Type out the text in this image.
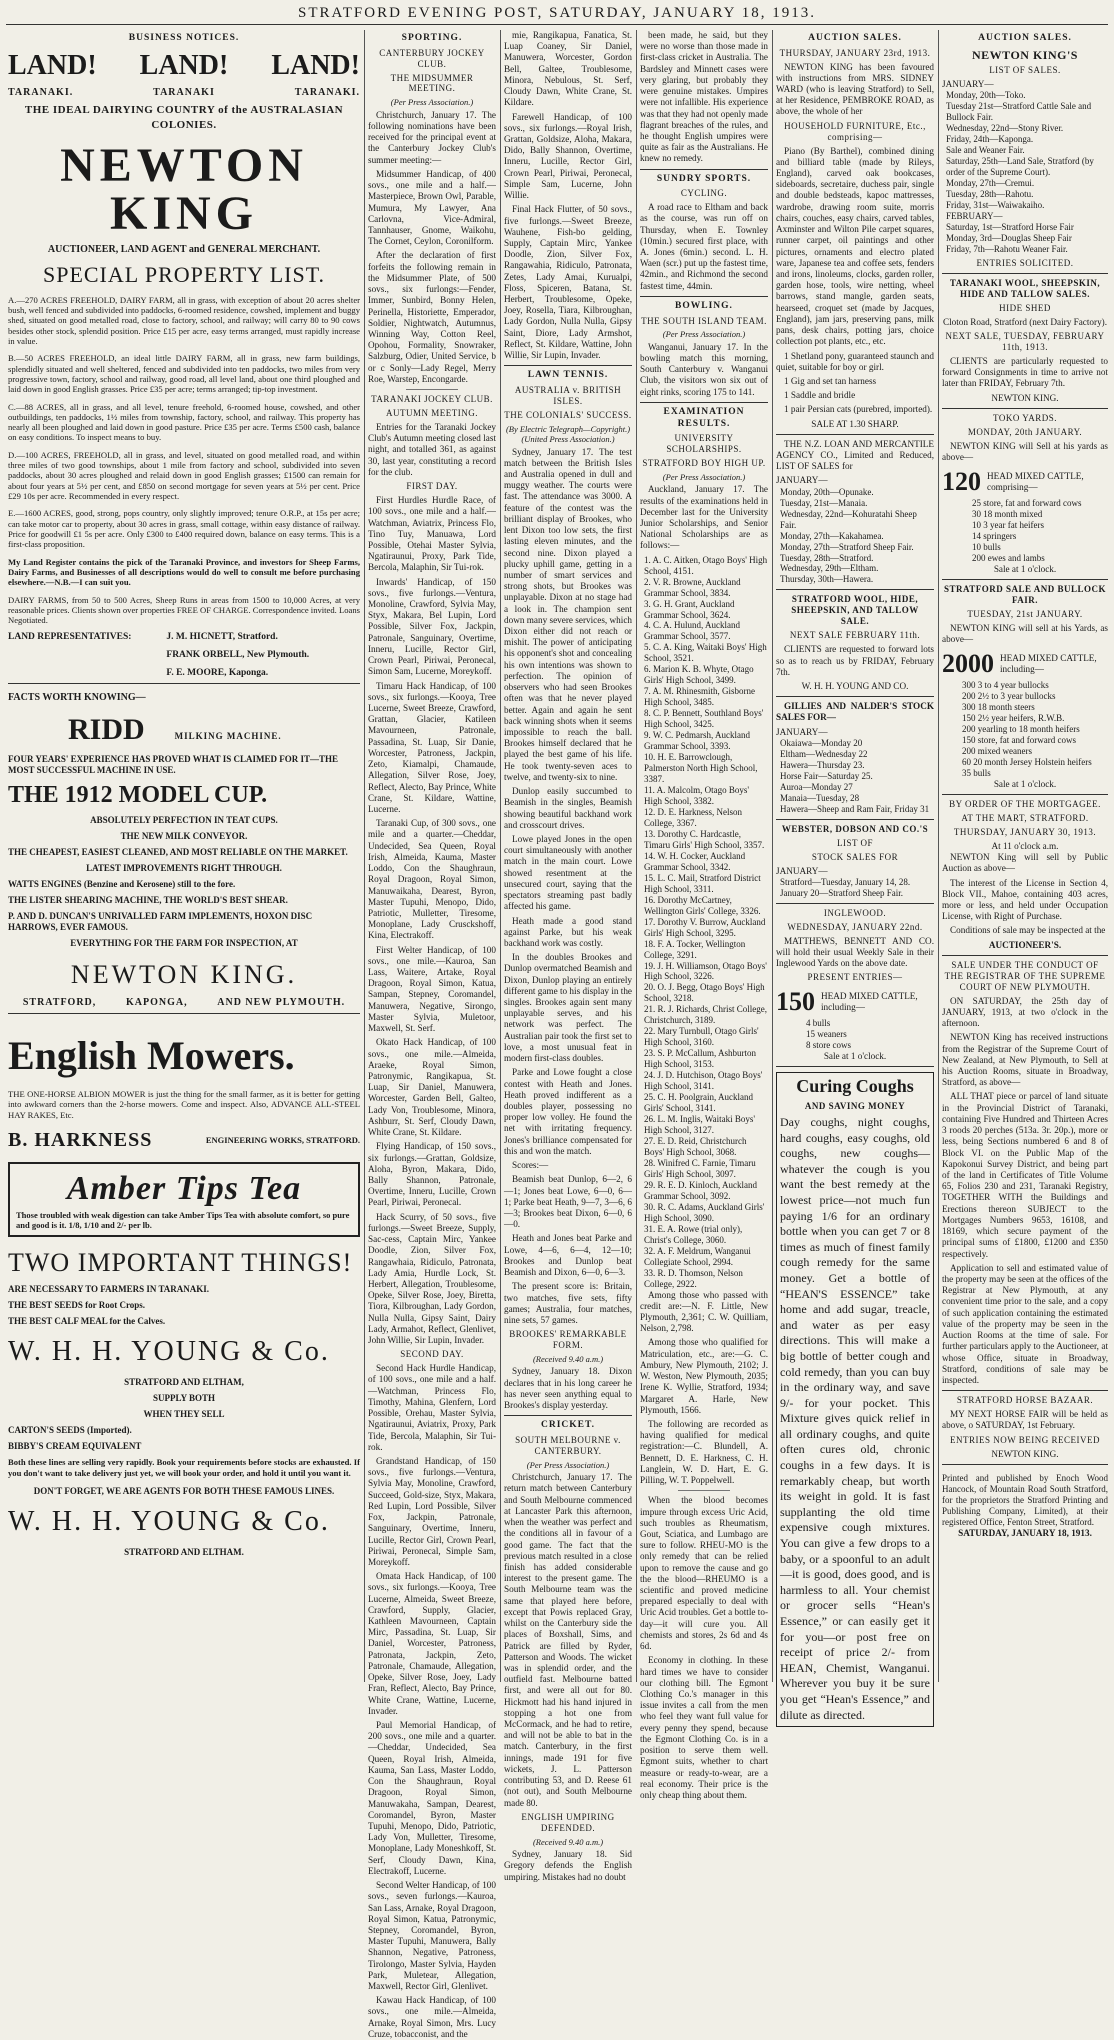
STRATFORD EVENING POST, SATURDAY, JANUARY 18, 1913.
BUSINESS NOTICES.
LAND! LAND! LAND!
TARANAKI.	TARANAKI	TARANAKI.
THE IDEAL DAIRYING COUNTRY of the AUSTRALASIAN COLONIES.
NEWTON KING
AUCTIONEER, LAND AGENT and GENERAL MERCHANT.
SPECIAL PROPERTY LIST.
A.—270 ACRES FREEHOLD, DAIRY FARM, all in grass, with exception of about 20 acres shelter bush, well fenced and subdivided into paddocks, 6-roomed residence, cowshed, implement and buggy shed, situated on good metalled road, close to factory, school, and railway; will carry 80 to 90 cows besides other stock, splendid position. Price £15 per acre, easy terms arranged, must rapidly increase in value.
B.—50 ACRES FREEHOLD, an ideal little DAIRY FARM, all in grass, new farm buildings, splendidly situated and well sheltered, fenced and subdivided into ten paddocks, two miles from very progressive town, factory, school and railway, good road, all level land, about one third ploughed and laid down in good English grasses. Price £35 per acre; terms arranged; tip-top investment.
C.—88 ACRES, all in grass, and all level, tenure freehold, 6-roomed house, cowshed, and other outbuildings, ten paddocks, 1½ miles from township, factory, school, and railway. This property has nearly all been ploughed and laid down in good pasture. Price £35 per acre. Terms £500 cash, balance on easy conditions. To inspect means to buy.
D.—100 ACRES, FREEHOLD, all in grass, and level, situated on good metalled road, and within three miles of two good townships, about 1 mile from factory and school, subdivided into seven paddocks, about 30 acres ploughed and relaid down in good English grasses; £1500 can remain for about four years at 5½ per cent, and £850 on second mortgage for seven years at 5½ per cent. Price £29 10s per acre. Recommended in every respect.
E.—1600 ACRES, good, strong, pops country, only slightly improved; tenure O.R.P., at 15s per acre; can take motor car to property, about 30 acres in grass, small cottage, within easy distance of railway. Price for goodwill £1 5s per acre. Only £300 to £400 required down, balance on easy terms. This is a first-class proposition.
My Land Register contains the pick of the Taranaki Province, and investors for Sheep Farms, Dairy Farms, and Businesses of all descriptions would do well to consult me before purchasing elsewhere.—N.B.—I can suit you.
DAIRY FARMS, from 50 to 500 Acres, Sheep Runs in areas from 1500 to 10,000 Acres, at very reasonable prices. Clients shown over properties FREE OF CHARGE. Correspondence invited. Loans Negotiated.
LAND REPRESENTATIVES:	J. M. HICNETT, Stratford.
FRANK ORBELL, New Plymouth.
F. E. MOORE, Kaponga.
FACTS WORTH KNOWING—
RIDD	MILKING MACHINE.
FOUR YEARS' EXPERIENCE HAS PROVED WHAT IS CLAIMED FOR IT—THE MOST SUCCESSFUL MACHINE IN USE.
THE 1912 MODEL CUP.
ABSOLUTELY PERFECTION IN TEAT CUPS.
THE NEW MILK CONVEYOR.
THE CHEAPEST, EASIEST CLEANED, AND MOST RELIABLE ON THE MARKET.
LATEST IMPROVEMENTS RIGHT THROUGH.
WATTS ENGINES (Benzine and Kerosene) still to the fore.
THE LISTER SHEARING MACHINE, THE WORLD'S BEST SHEAR.
P. AND D. DUNCAN'S UNRIVALLED FARM IMPLEMENTS, HOXON DISC HARROWS, EVER FAMOUS.
EVERYTHING FOR THE FARM FOR INSPECTION, AT
NEWTON KING.
STRATFORD,	KAPONGA,	AND NEW PLYMOUTH.
English Mowers.
THE ONE-HORSE ALBION MOWER is just the thing for the small farmer, as it is better for getting into awkward corners than the 2-horse mowers. Come and inspect. Also, ADVANCE ALL-STEEL HAY RAKES, Etc.
B. HARKNESS	ENGINEERING WORKS, STRATFORD.
Amber Tips Tea
Those troubled with weak digestion can take Amber Tips Tea with absolute comfort, so pure and good is it. 1/8, 1/10 and 2/- per lb.
TWO IMPORTANT THINGS!
ARE NECESSARY TO FARMERS IN TARANAKI.
THE BEST SEEDS for Root Crops.
THE BEST CALF MEAL for the Calves.
W. H. H. YOUNG & Co.
STRATFORD AND ELTHAM,
SUPPLY BOTH
WHEN THEY SELL
CARTON'S SEEDS (Imported).
BIBBY'S CREAM EQUIVALENT
Both these lines are selling very rapidly. Book your requirements before stocks are exhausted. If you don't want to take delivery just yet, we will book your order, and hold it until you want it.
DON'T FORGET, WE ARE AGENTS FOR BOTH THESE FAMOUS LINES.
W. H. H. YOUNG & Co.
STRATFORD AND ELTHAM.
SPORTING.
CANTERBURY JOCKEY CLUB.
THE MIDSUMMER MEETING.
(Per Press Association.)
Christchurch, January 17. The following nominations have been received for the principal event at the Canterbury Jockey Club's summer meeting:—
Midsummer Handicap, of 400 sovs., one mile and a half.—Masterpiece, Brown Owl, Parable, Mumura, My Lawyer, Ana Carlovna, Vice-Admiral, Tannhauser, Gnome, Waikohu, The Cornet, Ceylon, Coronilform.
After the declaration of first forfeits the following remain in the Midsummer Plate, of 500 sovs., six furlongs:—Fender, Immer, Sunbird, Bonny Helen, Perinella, Historiette, Emperador, Soldier, Nightwatch, Autumnus, Winning Way, Cotton Reel, Opohou, Formality, Snowraker, Salzburg, Odier, United Service, b or c Sonly—Lady Regel, Merry Roe, Warstep, Encongarde.
TARANAKI JOCKEY CLUB.
AUTUMN MEETING.
Entries for the Taranaki Jockey Club's Autumn meeting closed last night, and totalled 361, as against 30, last year, constituting a record for the club.
FIRST DAY.
First Hurdles Hurdle Race, of 100 sovs., one mile and a half.—Watchman, Aviatrix, Princess Flo, Tino Tuy, Manuawa, Lord Possible, Otehai Master Sylvia, Ngatiraunui, Proxy, Park Tide, Bercola, Malaphin, Sir Tui-rok.
Inwards' Handicap, of 150 sovs., five furlongs.—Ventura, Monoline, Crawford, Sylvia May, Styx, Makara, Bel Lupin, Lord Possible, Silver Fox, Jackpin, Patronale, Sanguinary, Overtime, Inneru, Lucille, Rector Girl, Crown Pearl, Piriwai, Peronecal, Simon Sam, Lucerne, Moreykoff.
Timaru Hack Handicap, of 100 sovs., six furlongs.—Kooya, Tree Lucerne, Sweet Breeze, Crawford, Grattan, Glacier, Katileen Mavourneen, Patronale, Passadina, St. Luap, Sir Danie, Worcester, Patroness, Jackpin, Zeto, Kiamalpi, Chamaude, Allegation, Silver Rose, Joey, Reflect, Alecto, Bay Prince, White Crane, St. Kildare, Wattine, Lucerne.
Taranaki Cup, of 300 sovs., one mile and a quarter.—Cheddar, Undecided, Sea Queen, Royal Irish, Almeida, Kauma, Master Loddo, Con the Shaughraun, Royal Dragoon, Royal Simon, Manuwaikaha, Dearest, Byron, Master Tupuhi, Menopo, Dido, Patriotic, Mulletter, Tiresome, Monoplane, Lady Crusckshoff, Kina, Electrakoff.
First Welter Handicap, of 100 sovs., one mile.—Kauroa, San Lass, Waitere, Artake, Royal Dragoon, Royal Simon, Katua, Sampan, Stepney, Coromandel, Manuwera, Negative, Sirongo, Master Sylvia, Muletoor, Maxwell, St. Serf.
Okato Hack Handicap, of 100 sovs., one mile.—Almeida, Araeke, Royal Simon, Patronymic, Rangikapua, St. Luap, Sir Daniel, Manuwera, Worcester, Garden Bell, Galteo, Lady Von, Troublesome, Minora, Ashburr, St. Serf, Cloudy Dawn, White Crane, St. Kildare.
Flying Handicap, of 150 sovs., six furlongs.—Grattan, Goldsize, Aloha, Byron, Makara, Dido, Bally Shannon, Patronale, Overtime, Inneru, Lucille, Crown Pearl, Piriwai, Peronecal.
Hack Scurry, of 50 sovs., five furlongs.—Sweet Breeze, Supply, Sac-cess, Captain Mirc, Yankee Doodle, Zion, Silver Fox, Rangawhaia, Ridiculo, Patronata, Lady Amia, Hurdle Lock, St. Herbert, Allegation, Troublesome, Opeke, Silver Rose, Joey, Biretta, Tiora, Kilbroughan, Lady Gordon, Nulla Nulla, Gipsy Saint, Dairy Lady, Armahot, Reflect, Glenlivet, John Willie, Sir Lupin, Invader.
SECOND DAY.
Second Hack Hurdle Handicap, of 100 sovs., one mile and a half.—Watchman, Princess Flo, Timothy, Mahina, Glenfern, Lord Possible, Orehau, Master Sylvia, Ngatiraunui, Aviatrix, Proxy, Park Tide, Bercola, Malaphin, Sir Tui-rok.
Grandstand Handicap, of 150 sovs., five furlongs.—Ventura, Sylvia May, Monoline, Crawford, Succeed, Gold-size, Styx, Makara, Red Lupin, Lord Possible, Silver Fox, Jackpin, Patronale, Sanguinary, Overtime, Inneru, Lucille, Rector Girl, Crown Pearl, Piriwai, Peronecal, Simple Sam, Moreykoff.
Omata Hack Handicap, of 100 sovs., six furlongs.—Kooya, Tree Lucerne, Almeida, Sweet Breeze, Crawford, Supply, Glacier, Kathleen Mavourneen, Captain Mirc, Passadina, St. Luap, Sir Daniel, Worcester, Patroness, Patronata, Jackpin, Zeto, Patronale, Chamaude, Allegation, Opeke, Silver Rose, Joey, Lady Fran, Reflect, Alecto, Bay Prince, White Crane, Wattine, Lucerne, Invader.
Paul Memorial Handicap, of 200 sovs., one mile and a quarter.—Cheddar, Undecided, Sea Queen, Royal Irish, Almeida, Kauma, San Lass, Master Loddo, Con the Shaughraun, Royal Dragoon, Royal Simon, Manuwakaha, Sampan, Dearest, Coromandel, Byron, Master Tupuhi, Menopo, Dido, Patriotic, Lady Von, Mulletter, Tiresome, Monoplane, Lady Moneshkoff, St. Serf, Cloudy Dawn, Kina, Electrakoff, Lucerne.
Second Welter Handicap, of 100 sovs., seven furlongs.—Kauroa, San Lass, Arnake, Royal Dragoon, Royal Simon, Katua, Patronymic, Stepney, Coromandel, Byron, Master Tupuhi, Manuwera, Bally Shannon, Negative, Patroness, Tirolongo, Master Sylvia, Hayden Park, Muletear, Allegation, Maxwell, Rector Girl, Glenlivet.
Kawau Hack Handicap, of 100 sovs., one mile.—Almeida, Arnake, Royal Simon, Mrs. Lucy Cruze, tobacconist, and the
mie, Rangikapua, Fanatica, St. Luap Coaney, Sir Daniel, Manuwera, Worcester, Gordon Bell, Galtee, Troublesome, Minora, Nebulous, St. Serf, Cloudy Dawn, White Crane, St. Kildare.
Farewell Handicap, of 100 sovs., six furlongs.—Royal Irish, Grattan, Goldsize, Aloha, Makara, Dido, Bally Shannon, Overtime, Inneru, Lucille, Rector Girl, Crown Pearl, Piriwai, Peronecal, Simple Sam, Lucerne, John Willie.
Final Hack Flutter, of 50 sovs., five furlongs.—Sweet Breeze, Wauhene, Fish-bo gelding, Supply, Captain Mirc, Yankee Doodle, Zion, Silver Fox, Rangawahia, Ridiculo, Patronata, Zetes, Lady Amai, Kurualpi, Floss, Spiceren, Batana, St. Herbert, Troublesome, Opeke, Joey, Rosella, Tiara, Kilbroughan, Lady Gordon, Nulla Nulla, Gipsy Saint, Diore, Lady Armshot, Reflect, St. Kildare, Wattine, John Willie, Sir Lupin, Invader.
LAWN TENNIS.
AUSTRALIA v. BRITISH ISLES.
THE COLONIALS' SUCCESS.
(By Electric Telegraph—Copyright.) (United Press Association.)
Sydney, January 17. The test match between the British Isles and Australia opened in dull and muggy weather. The courts were fast. The attendance was 3000. A feature of the contest was the brilliant display of Brookes, who lent Dixon too low sets, the first lasting eleven minutes, and the second nine. Dixon played a plucky uphill game, getting in a number of smart services and strong shots, but Brookes was unplayable. Dixon at no stage had a look in. The champion sent down many severe services, which Dixon either did not reach or mishit. The power of anticipating his opponent's shot and concealing his own intentions was shown to perfection. The opinion of observers who had seen Brookes often was that he never played better. Again and again he sent back winning shots when it seems impossible to reach the ball. Brookes himself declared that he played the best game of his life. He took twenty-seven aces to twelve, and twenty-six to nine.
Dunlop easily succumbed to Beamish in the singles, Beamish showing beautiful backhand work and crosscourt drives.
Lowe played Jones in the open court simultaneously with another match in the main court. Lowe showed resentment at the unsecured court, saying that the spectators streaming past badly affected his game.
Heath made a good stand against Parke, but his weak backhand work was costly.
In the doubles Brookes and Dunlop overmatched Beamish and Dixon, Dunlop playing an entirely different game to his display in the singles. Brookes again sent many unplayable serves, and his network was perfect. The Australian pair took the first set to love, a most unusual feat in modern first-class doubles.
Parke and Lowe fought a close contest with Heath and Jones. Heath proved indifferent as a doubles player, possessing no proper low volley. He found the net with irritating frequency. Jones's brilliance compensated for this and won the match.
Scores:—
Beamish beat Dunlop, 6—2, 6—1; Jones beat Lowe, 6—0, 6—1; Parke beat Heath, 9—7, 3—6, 6—3; Brookes beat Dixon, 6—0, 6—0.
Heath and Jones beat Parke and Lowe, 4—6, 6—4, 12—10; Brookes and Dunlop beat Beamish and Dixon, 6—0, 6—3.
The present score is: Britain, two matches, five sets, fifty games; Australia, four matches, nine sets, 57 games.
BROOKES' REMARKABLE FORM.
(Received 9.40 a.m.)
Sydney, January 18. Dixon declares that in his long career he has never seen anything equal to Brookes's display yesterday.
CRICKET.
SOUTH MELBOURNE v. CANTERBURY.
(Per Press Association.)
Christchurch, January 17. The return match between Canterbury and South Melbourne commenced at Lancaster Park this afternoon, when the weather was perfect and the conditions all in favour of a good game. The fact that the previous match resulted in a close finish has added considerable interest to the present game. The South Melbourne team was the same that played here before, except that Powis replaced Gray, whilst on the Canterbury side the places of Boxshall, Sims, and Patrick are filled by Ryder, Patterson and Woods. The wicket was in splendid order, and the outfield fast. Melbourne batted first, and were all out for 80. Hickmott had his hand injured in stopping a hot one from McCormack, and he had to retire, and will not be able to bat in the match. Canterbury, in the first innings, made 191 for five wickets, J. L. Patterson contributing 53, and D. Reese 61 (not out), and South Melbourne made 80.
ENGLISH UMPIRING DEFENDED.
(Received 9.40 a.m.)
Sydney, January 18. Sid Gregory defends the English umpiring. Mistakes had no doubt
been made, he said, but they were no worse than those made in first-class cricket in Australia. The Bardsley and Minnett cases were very glaring, but probably they were genuine mistakes. Umpires were not infallible. His experience was that they had not openly made flagrant breaches of the rules, and he thought English umpires were quite as fair as the Australians. He knew no remedy.
SUNDRY SPORTS.
CYCLING.
A road race to Eltham and back as the course, was run off on Thursday, when E. Townley (10min.) secured first place, with A. Jones (6min.) second. L. H. Waen (scr.) put up the fastest time, 42min., and Richmond the second fastest time, 44min.
BOWLING.
THE SOUTH ISLAND TEAM.
(Per Press Association.)
Wanganui, January 17. In the bowling match this morning, South Canterbury v. Wanganui Club, the visitors won six out of eight rinks, scoring 175 to 141.
EXAMINATION RESULTS.
UNIVERSITY SCHOLARSHIPS.
STRATFORD BOY HIGH UP.
(Per Press Association.)
Auckland, January 17. The results of the examinations held in December last for the University Junior Scholarships, and Senior National Scholarships are as follows:—
1. A. C. Aitken, Otago Boys' High School, 4151.
2. V. R. Browne, Auckland Grammar School, 3834.
3. G. H. Grant, Auckland Grammar School, 3624.
4. C. A. Hulund, Auckland Grammar School, 3577.
5. C. A. King, Waitaki Boys' High School, 3521.
6. Marion K. B. Whyte, Otago Girls' High School, 3499.
7. A. M. Rhinesmith, Gisborne High School, 3485.
8. C. P. Bennett, Southland Boys' High School, 3425.
9. W. C. Pedmarsh, Auckland Grammar School, 3393.
10. H. E. Barrowclough, Palmerston North High School, 3387.
11. A. Malcolm, Otago Boys' High School, 3382.
12. D. E. Harkness, Nelson College, 3367.
13. Dorothy C. Hardcastle, Timaru Girls' High School, 3357.
14. W. H. Cocker, Auckland Grammar School, 3342.
15. L. C. Mail, Stratford District High School, 3311.
16. Dorothy McCartney, Wellington Girls' College, 3326.
17. Dorothy V. Burrow, Auckland Girls' High School, 3295.
18. F. A. Tocker, Wellington College, 3291.
19. J. H. Williamson, Otago Boys' High School, 3226.
20. O. J. Begg, Otago Boys' High School, 3218.
21. R. J. Richards, Christ College, Christchurch, 3189.
22. Mary Turnbull, Otago Girls' High School, 3160.
23. S. P. McCallum, Ashburton High School, 3153.
24. J. D. Hutchison, Otago Boys' High School, 3141.
25. C. H. Poolgrain, Auckland Girls' School, 3141.
26. L. M. Inglis, Waitaki Boys' High School, 3127.
27. E. D. Reid, Christchurch Boys' High School, 3068.
28. Winifred C. Farnie, Timaru Girls' High School, 3097.
29. R. E. D. Kinloch, Auckland Grammar School, 3092.
30. R. C. Adams, Auckland Girls' High School, 3090.
31. E. A. Rowe (trial only), Christ's College, 3060.
32. A. F. Meldrum, Wanganui Collegiate School, 2994.
33. R. D. Thomson, Nelson College, 2922.
Among those who passed with credit are:—N. F. Little, New Plymouth, 2,361; C. W. Quilliam, Nelson, 2,798.
Among those who qualified for Matriculation, etc., are:—G. C. Ambury, New Plymouth, 2102; J. W. Weston, New Plymouth, 2035; Irene K. Wyllie, Stratford, 1934; Margaret A. Harle, New Plymouth, 1566.
The following are recorded as having qualified for medical registration:—C. Blundell, A. Bennett, D. E. Harkness, C. H. Langlein, W. D. Hart, E. G. Pilling, W. T. Poppelwell.
When the blood becomes impure through excess Uric Acid, such troubles as Rheumatism, Gout, Sciatica, and Lumbago are sure to follow. RHEU-MO is the only remedy that can be relied upon to remove the cause and go the the blood—RHEUMO is a scientific and proved medicine prepared especially to deal with Uric Acid troubles. Get a bottle to-day—it will cure you. All chemists and stores, 2s 6d and 4s 6d.
Economy in clothing. In these hard times we have to consider our clothing bill. The Egmont Clothing Co.'s manager in this issue invites a call from the men who feel they want full value for every penny they spend, because the Egmont Clothing Co. is in a position to serve them well. Egmont suits, whether to chart measure or ready-to-wear, are a real economy. Their price is the only cheap thing about them.
AUCTION SALES.
THURSDAY, JANUARY 23rd, 1913.
NEWTON KING has been favoured with instructions from MRS. SIDNEY WARD (who is leaving Stratford) to Sell, at her Residence, PEMBROKE ROAD, as above, the whole of her
HOUSEHOLD FURNITURE, Etc., comprising—
Piano (By Barthel), combined dining and billiard table (made by Rileys, England), carved oak bookcases, sideboards, secretaire, duchess pair, single and double bedsteads, kapoc mattresses, wardrobe, drawing room suite, morris chairs, couches, easy chairs, carved tables, Axminster and Wilton Pile carpet squares, runner carpet, oil paintings and other pictures, ornaments and electro plated ware, Japanese tea and coffee sets, fenders and irons, linoleums, clocks, garden roller, garden hose, tools, wire netting, wheel barrows, stand mangle, garden seats, hearseed, croquet set (made by Jacques, England), jam jars, preserving pans, milk pans, desk chairs, potting jars, choice collection pot plants, etc., etc.
1 Shetland pony, guaranteed staunch and quiet, suitable for boy or girl.
1 Gig and set tan harness
1 Saddle and bridle
1 pair Persian cats (purebred, imported).
SALE AT 1.30 SHARP.
THE N.Z. LOAN AND MERCANTILE AGENCY CO., Limited and Reduced, LIST OF SALES for
JANUARY—
Monday, 20th—Opunake.
Tuesday, 21st—Manaia.
Wednesday, 22nd—Kohuratahi Sheep Fair.
Monday, 27th—Kakahamea.
Monday, 27th—Stratford Sheep Fair.
Tuesday, 28th—Stratford.
Wednesday, 29th—Eltham.
Thursday, 30th—Hawera.
STRATFORD WOOL, HIDE, SHEEPSKIN, AND TALLOW SALE.
NEXT SALE FEBRUARY 11th.
CLIENTS are requested to forward lots so as to reach us by FRIDAY, February 7th.
W. H. H. YOUNG AND CO.
GILLIES AND NALDER'S STOCK SALES FOR—
JANUARY—
Okaiawa—Monday 20
Eltham—Wednesday 22
Hawera—Thursday 23.
Horse Fair—Saturday 25.
Auroa—Monday 27
Manaia—Tuesday, 28
Hawera—Sheep and Ram Fair, Friday 31
WEBSTER, DOBSON AND CO.'S
LIST OF
STOCK SALES FOR
JANUARY—
Stratford—Tuesday, January 14, 28.
January 20—Stratford Sheep Fair.
INGLEWOOD.
WEDNESDAY, JANUARY 22nd.
MATTHEWS, BENNETT AND CO. will hold their usual Weekly Sale in their Inglewood Yards on the above date.
PRESENT ENTRIES—
150 HEAD MIXED CATTLE, including—
4 bulls
15 weaners
8 store cows
Sale at 1 o'clock.
Curing Coughs
AND SAVING MONEY
Day coughs, night coughs, hard coughs, easy coughs, old coughs, new coughs—whatever the cough is you want the best remedy at the lowest price—not much fun paying 1/6 for an ordinary bottle when you can get 7 or 8 times as much of finest family cough remedy for the same money. Get a bottle of “HEAN'S ESSENCE” take home and add sugar, treacle, and water as per easy directions. This will make a big bottle of better cough and cold remedy, than you can buy in the ordinary way, and save 9/- for your pocket. This Mixture gives quick relief in all ordinary coughs, and quite often cures old, chronic coughs in a few days. It is remarkably cheap, but worth its weight in gold. It is fast supplanting the old time expensive cough mixtures. You can give a few drops to a baby, or a spoonful to an adult—it is good, does good, and is harmless to all. Your chemist or grocer sells “Hean's Essence,” or can easily get it for you—or post free on receipt of price 2/- from HEAN, Chemist, Wanganui. Wherever you buy it be sure you get “Hean's Essence,” and dilute as directed.
AUCTION SALES.
NEWTON KING'S
LIST OF SALES.
JANUARY—
Monday, 20th—Toko.
Tuesday 21st—Stratford Cattle Sale and Bullock Fair.
Wednesday, 22nd—Stony River.
Friday, 24th—Kaponga.
Sale and Weaner Fair.
Saturday, 25th—Land Sale, Stratford (by order of the Supreme Court).
Monday, 27th—Cremui.
Tuesday, 28th—Rahotu.
Friday, 31st—Waiwakaiho.
FEBRUARY—
Saturday, 1st—Stratford Horse Fair
Monday, 3rd—Douglas Sheep Fair
Friday, 7th—Rahotu Weaner Fair.
ENTRIES SOLICITED.
TARANAKI WOOL, SHEEPSKIN, HIDE AND TALLOW SALES.
HIDE SHED
Cloton Road, Stratford (next Dairy Factory).
NEXT SALE, TUESDAY, FEBRUARY 11th, 1913.
CLIENTS are particularly requested to forward Consignments in time to arrive not later than FRIDAY, February 7th.
NEWTON KING.
TOKO YARDS.
MONDAY, 20th JANUARY.
NEWTON KING will Sell at his yards as above—
120 HEAD MIXED CATTLE, comprising—
25 store, fat and forward cows
30 18 month mixed
10 3 year fat heifers
14 springers
10 bulls
200 ewes and lambs
Sale at 1 o'clock.
STRATFORD SALE AND BULLOCK FAIR.
TUESDAY, 21st JANUARY.
NEWTON KING will sell at his Yards, as above—
2000 HEAD MIXED CATTLE, including—
300 3 to 4 year bullocks
200 2½ to 3 year bullocks
300 18 month steers
150 2½ year heifers, R.W.B.
200 yearling to 18 month heifers
150 store, fat and forward cows
200 mixed weaners
60 20 month Jersey Holstein heifers
35 bulls
Sale at 1 o'clock.
BY ORDER OF THE MORTGAGEE.
AT THE MART, STRATFORD.
THURSDAY, JANUARY 30, 1913.
At 11 o'clock a.m.
NEWTON King will sell by Public Auction as above—
The interest of the License in Section 4, Block VII., Mahoe, containing 403 acres, more or less, and held under Occupation License, with Right of Purchase.
Conditions of sale may be inspected at the
AUCTIONEER'S.
SALE UNDER THE CONDUCT OF THE REGISTRAR OF THE SUPREME COURT OF NEW PLYMOUTH.
ON SATURDAY, the 25th day of JANUARY, 1913, at two o'clock in the afternoon.
NEWTON King has received instructions from the Registrar of the Supreme Court of New Zealand, at New Plymouth, to Sell at his Auction Rooms, situate in Broadway, Stratford, as above—
ALL THAT piece or parcel of land situate in the Provincial District of Taranaki, containing Five Hundred and Thirteen Acres 3 roods 20 perches (513a. 3r. 20p.), more or less, being Sections numbered 6 and 8 of Block VI. on the Public Map of the Kapokonui Survey District, and being part of the land in Certificates of Title Volume 65, Folios 230 and 231, Taranaki Registry, TOGETHER WITH the Buildings and Erections thereon SUBJECT to the Mortgages Numbers 9653, 16108, and 18169, which secure payment of the principal sums of £1800, £1200 and £350 respectively.
Application to sell and estimated value of the property may be seen at the offices of the Registrar at New Plymouth, at any convenient time prior to the sale, and a copy of such application containing the estimated value of the property may be seen in the Auction Rooms at the time of sale. For further particulars apply to the Auctioneer, at whose Office, situate in Broadway, Stratford, conditions of sale may be inspected.
STRATFORD HORSE BAZAAR.
MY NEXT HORSE FAIR will be held as above, o SATURDAY, 1st February.
ENTRIES NOW BEING RECEIVED
NEWTON KING.
Printed and published by Enoch Wood Hancock, of Mountain Road South Stratford, for the proprietors the Stratford Printing and Publishing Company, Limited), at their registered Office, Fenton Street, Stratford.
SATURDAY, JANUARY 18, 1913.
